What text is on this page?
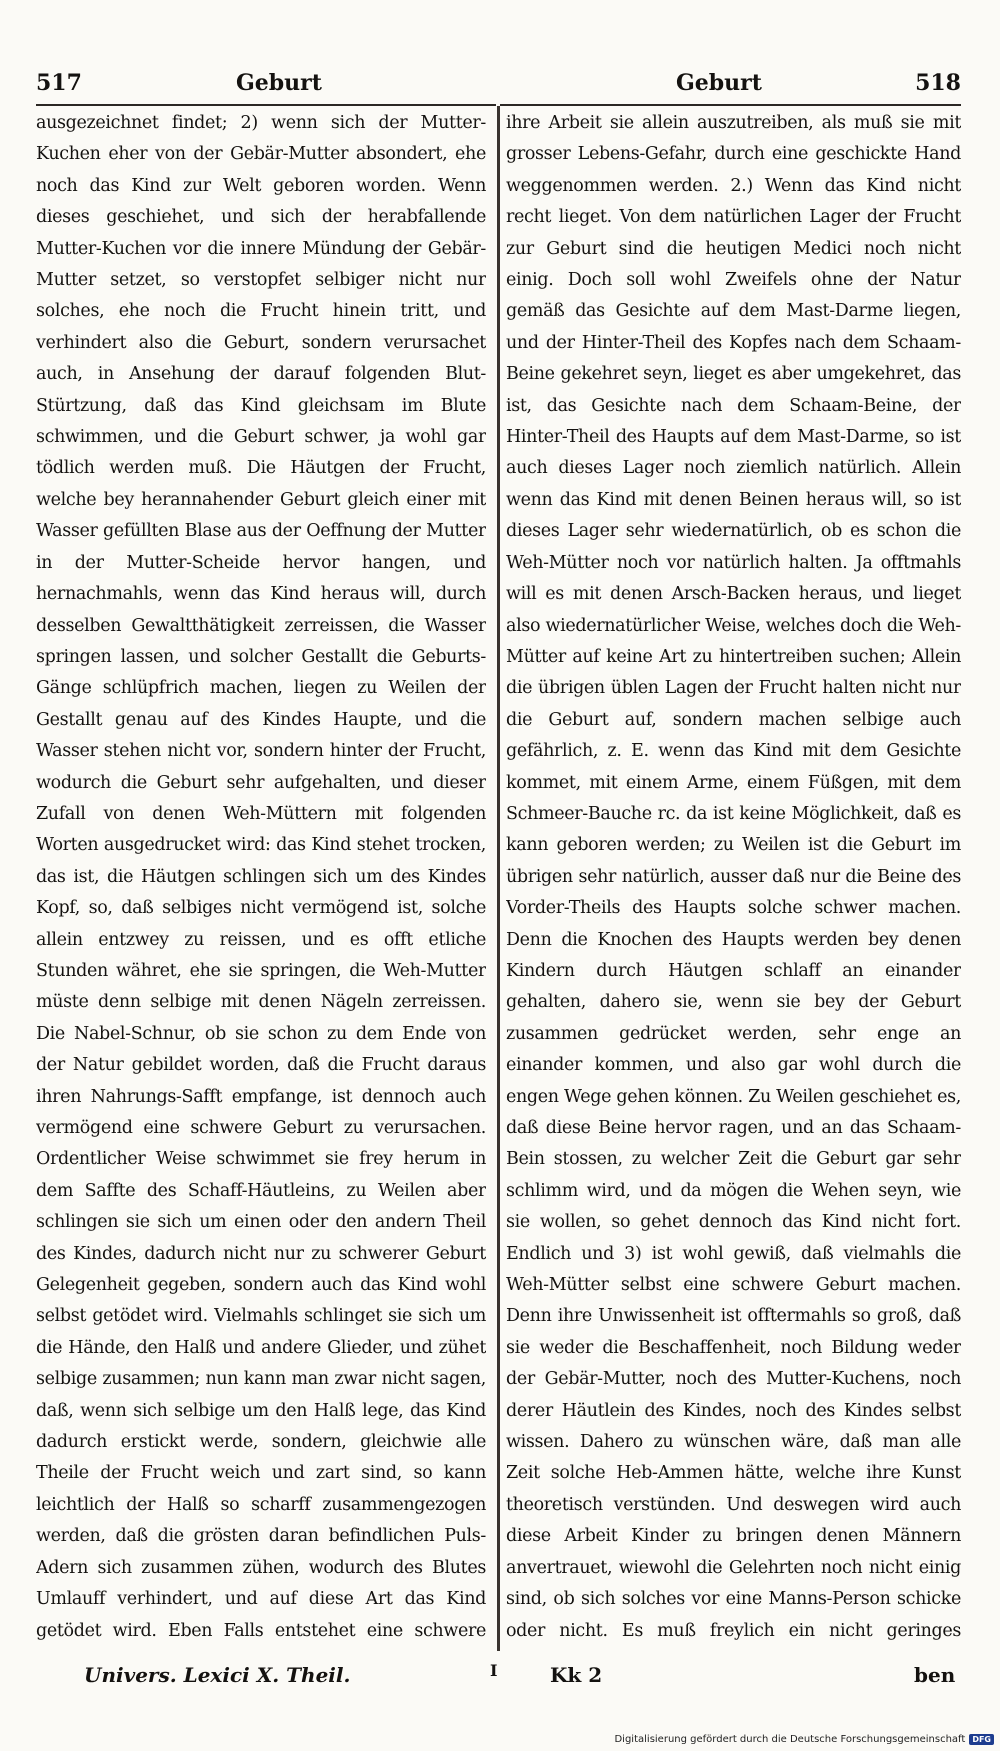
517	Geburt	Geburt	518

ausgezeichnet findet; 2) wenn sich der Mutter-Kuchen eher von der Gebär-Mutter absondert, ehe noch das Kind zur Welt geboren worden. Wenn dieses geschiehet, und sich der herabfallende Mutter-Kuchen vor die innere Mündung der Gebär-Mutter setzet, so verstopfet selbiger nicht nur solches, ehe noch die Frucht hinein tritt, und verhindert also die Geburt, sondern verursachet auch, in Ansehung der darauf folgenden Blut-Stürtzung, daß das Kind gleichsam im Blute schwimmen, und die Geburt schwer, ja wohl gar tödlich werden muß. Die Häutgen der Frucht, welche bey herannahender Geburt gleich einer mit Wasser gefüllten Blase aus der Oeffnung der Mutter in der Mutter-Scheide hervor hangen, und hernachmahls, wenn das Kind heraus will, durch desselben Gewaltthätigkeit zerreissen, die Wasser springen lassen, und solcher Gestallt die Geburts-Gänge schlüpfrich machen, liegen zu Weilen der Gestallt genau auf des Kindes Haupte, und die Wasser stehen nicht vor, sondern hinter der Frucht, wodurch die Geburt sehr aufgehalten, und dieser Zufall von denen Weh-Müttern mit folgenden Worten ausgedrucket wird: das Kind stehet trocken, das ist, die Häutgen schlingen sich um des Kindes Kopf, so, daß selbiges nicht vermögend ist, solche allein entzwey zu reissen, und es offt etliche Stunden währet, ehe sie springen, die Weh-Mutter müste denn selbige mit denen Nägeln zerreissen. Die Nabel-Schnur, ob sie schon zu dem Ende von der Natur gebildet worden, daß die Frucht daraus ihren Nahrungs-Safft empfange, ist dennoch auch vermögend eine schwere Geburt zu verursachen. Ordentlicher Weise schwimmet sie frey herum in dem Saffte des Schaff-Häutleins, zu Weilen aber schlingen sie sich um einen oder den andern Theil des Kindes, dadurch nicht nur zu schwerer Geburt Gelegenheit gegeben, sondern auch das Kind wohl selbst getödet wird. Vielmahls schlinget sie sich um die Hände, den Halß und andere Glieder, und zühet selbige zusammen; nun kann man zwar nicht sagen, daß, wenn sich selbige um den Halß lege, das Kind dadurch erstickt werde, sondern, gleichwie alle Theile der Frucht weich und zart sind, so kann leichtlich der Halß so scharff zusammengezogen werden, daß die grösten daran befindlichen Puls-Adern sich zusammen zühen, wodurch des Blutes Umlauff verhindert, und auf diese Art das Kind getödet wird. Eben Falls entstehet eine schwere

ihre Arbeit sie allein auszutreiben, als muß sie mit grosser Lebens-Gefahr, durch eine geschickte Hand weggenommen werden. 2.) Wenn das Kind nicht recht lieget. Von dem natürlichen Lager der Frucht zur Geburt sind die heutigen Medici noch nicht einig. Doch soll wohl Zweifels ohne der Natur gemäß das Gesichte auf dem Mast-Darme liegen, und der Hinter-Theil des Kopfes nach dem Schaam-Beine gekehret seyn, lieget es aber umgekehret, das ist, das Gesichte nach dem Schaam-Beine, der Hinter-Theil des Haupts auf dem Mast-Darme, so ist auch dieses Lager noch ziemlich natürlich. Allein wenn das Kind mit denen Beinen heraus will, so ist dieses Lager sehr wiedernatürlich, ob es schon die Weh-Mütter noch vor natürlich halten. Ja offtmahls will es mit denen Arsch-Backen heraus, und lieget also wiedernatürlicher Weise, welches doch die Weh-Mütter auf keine Art zu hintertreiben suchen; Allein die übrigen üblen Lagen der Frucht halten nicht nur die Geburt auf, sondern machen selbige auch gefährlich, z. E. wenn das Kind mit dem Gesichte kommet, mit einem Arme, einem Füßgen, mit dem Schmeer-Bauche rc. da ist keine Möglichkeit, daß es kann geboren werden; zu Weilen ist die Geburt im übrigen sehr natürlich, ausser daß nur die Beine des Vorder-Theils des Haupts solche schwer machen. Denn die Knochen des Haupts werden bey denen Kindern durch Häutgen schlaff an einander gehalten, dahero sie, wenn sie bey der Geburt zusammen gedrücket werden, sehr enge an einander kommen, und also gar wohl durch die engen Wege gehen können. Zu Weilen geschiehet es, daß diese Beine hervor ragen, und an das Schaam-Bein stossen, zu welcher Zeit die Geburt gar sehr schlimm wird, und da mögen die Wehen seyn, wie sie wollen, so gehet dennoch das Kind nicht fort. Endlich und 3) ist wohl gewiß, daß vielmahls die Weh-Mütter selbst eine schwere Geburt machen. Denn ihre Unwissenheit ist offtermahls so groß, daß sie weder die Beschaffenheit, noch Bildung weder der Gebär-Mutter, noch des Mutter-Kuchens, noch derer Häutlein des Kindes, noch des Kindes selbst wissen. Dahero zu wünschen wäre, daß man alle Zeit solche Heb-Ammen hätte, welche ihre Kunst theoretisch verstünden. Und deswegen wird auch diese Arbeit Kinder zu bringen denen Männern anvertrauet, wiewohl die Gelehrten noch nicht einig sind, ob sich solches vor eine Manns-Person schicke oder nicht. Es muß freylich ein nicht geringes

Univers. Lexici X. Theil.	I	Kk 2	ben
Digitalisierung gefördert durch die Deutsche Forschungsgemeinschaft DFG
